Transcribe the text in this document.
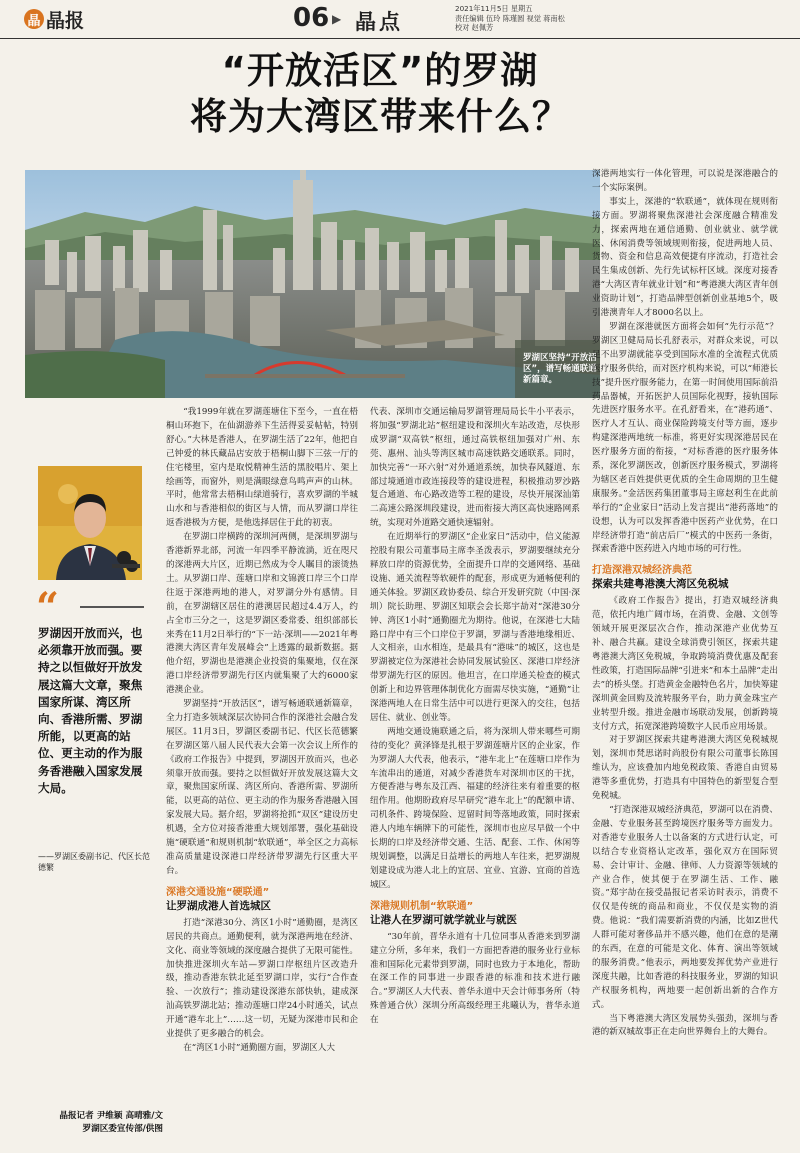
晶 晶报	06 ▶ 晶点
2021年11月5日 星期五
责任编辑 伍玲 陈瑾圆 视觉 蒋南松
校对 赵佩芳
“开放活区”的罗湖
将为大湾区带来什么？
罗湖区坚持“开放活区”，谱写畅通联通新篇章。
“
罗湖因开放而兴，也必须靠开放而强。要持之以恒做好开放发展这篇大文章，聚焦国家所谋、湾区所向、香港所需、罗湖所能，以更高的站位、更主动的作为服务香港融入国家发展大局。
——罗湖区委副书记、代区长范德繁
晶报记者 尹维颖 高晴雅/文
罗湖区委宣传部/供图

“我1999年就在罗湖莲塘住下至今，一直在梧桐山环抱下，在仙湖游养下生活得妥妥帖帖，特别舒心。”大林是香港人，在罗湖生活了22年，他把自己钟爱的林氏藏品店安放于梧桐山脚下三弦一厅的住宅楼里，室内是取悦精神生活的黑胶唱片、架上绘画等，而窗外，则是满眼绿意鸟鸣声声的山林。平时，他常常去梧桐山绿道骑行，喜欢罗湖的半城山水和与香港相似的街区与人情，而从罗湖口岸往返香港极为方便，是他选择居住于此的初衷。

在罗湖口岸横跨的深圳河两侧，是深圳罗湖与香港新界北部，河流一年四季平静流淌，近在咫尺的深港两大片区，近期已然成为令人瞩目的滚烫热土。从罗湖口岸、莲塘口岸和文锦渡口岸三个口岸往返于深港两地的港人，对罗湖分外有感情。目前，在罗湖辖区居住的港澳居民超过4.4万人，约占全市三分之一，这是罗湖区委常委、组织部部长来秀在11月2日举行的“下一站·深圳——2021年粤港澳大湾区青年发展峰会”上透露的最新数据。据他介绍，罗湖也是港澳企业投资的集聚地，仅在深港口岸经济带罗湖先行区内就集聚了大约6000家港澳企业。

罗湖坚持“开放活区”，谱写畅通联通新篇章，全力打造多领域深层次协同合作的深港社会融合发展区。11月3日，罗湖区委副书记、代区长范德繁在罗湖区第八届人民代表大会第一次会议上所作的《政府工作报告》中提到，罗湖因开放而兴，也必须靠开放而强。要持之以恒做好开放发展这篇大文章，聚焦国家所谋、湾区所向、香港所需、罗湖所能，以更高的站位、更主动的作为服务香港融入国家发展大局。据介绍，罗湖将抢抓“双区”建设历史机遇，全方位对接香港重大规划部署，强化基础设施“硬联通”和规则机制“软联通”，举全区之力高标准高质量建设深港口岸经济带罗湖先行区重大平台。

深港交通设施“硬联通”
让罗湖成港人首选城区

打造“深港30分、湾区1小时”通勤圈，是湾区居民的共商点。通勤便利，就为深港两地在经济、文化、商业等领域的深度融合提供了无限可能性。加快推进深圳火车站—罗湖口岸枢纽片区改造升级，推动香港东铁北延至罗湖口岸，实行“合作查验、一次放行”；推动建设深港东部快轨，建成深汕高铁罗湖北站；推动莲塘口岸24小时通关，试点开通“港车北上”……这一切，无疑为深港市民和企业提供了更多融合的机会。

在“湾区1小时”通勤圈方面，罗湖区人大

代表、深圳市交通运输局罗湖管理局局长牛小平表示，将加强“罗湖北站”枢纽建设和深圳火车站改造，尽快形成罗湖“双高铁”枢纽，通过高铁枢纽加强对广州、东莞、惠州、汕头等湾区城市高速铁路交通联系。同时，加快完善“一环六射”对外通道系统，加快春风隧道、东部过境通道市政连接段等的建设进程，积极推动罗沙路复合通道、布心路改造等工程的建设，尽快开展深汕第二高速公路深圳段建设，进而衔接大湾区高快速路网系统，实现对外道路交通快速辐射。

在近期举行的罗湖区“企业家日”活动中，信义能源控股有限公司董事局主席李圣泼表示，罗湖要继续充分释放口岸的资源优势，全面提升口岸的交通网络、基础设施、通关流程等软硬件的配套，形成更为通畅便利的通关体验。罗湖区政协委员、综合开发研究院（中国·深圳）院长助理、罗湖区知联会会长郑宇劼对“深港30分钟、湾区1小时”通勤圈尤为期待。他说，在深港七大陆路口岸中有三个口岸位于罗湖，罗湖与香港地缘相近、人文相亲，山水相连，是最具有“港味”的城区，这也是罗湖被定位为深港社会协同发展试验区、深港口岸经济带罗湖先行区的原因。他坦言，在口岸通关检查的模式创新上和边界管理体制优化方面需尽快实施，“通勤”让深港两地人在日常生活中可以进行更深入的交往，包括居住、就业、创业等。

两地交通设施联通之后，将为深圳人带来哪些可期待的变化？黄泽锋是扎根于罗湖莲塘片区的企业家，作为罗湖人大代表，他表示，“港车北上”在莲塘口岸作为车流串出的通道，对减少香港货车对深圳市区的干扰，方便香港与粤东及江西、福建的经济往来有着重要的枢纽作用。他期盼政府尽早研究“港车北上”的配额申请、司机条件、跨境保险、逗留时间等落地政策，同时探索港人内地车辆牌下的可能性，深圳市也应尽早做一个中长期的口岸及经济带交通、生活、配套、工作、休闲等规划调整，以满足日益增长的两地人车往来，把罗湖规划建设成为港人北上的宜居、宜业、宜游、宜商的首选城区。

深港规则机制“软联通”
让港人在罗湖可就学就业与就医

“30年前，晋华永道有十几位同事从香港来到罗湖建立分所，多年来，我们一方面把香港的服务业行业标准和国际化元素带到罗湖，同时也致力于本地化，帮助在深工作的同事进一步跟香港的标准和技术进行融合。”罗湖区人大代表、普华永道中天会计师事务所（特殊普通合伙）深圳分所高级经理王兆曦认为，普华永道在

深港两地实行一体化管理，可以说是深港融合的一个实际案例。

事实上，深港的“软联通”，就体现在规则衔接方面。罗湖将聚焦深港社会深度融合精准发力，探索两地在通信通勤、创业就业、就学就医、休闲消费等领域规则衔接，促进两地人员、货物、资金和信息高效便捷有序流动，打造社会民生集成创新、先行先试标杆区域。深度对接香港“大湾区青年就业计划”和“粤港澳大湾区青年创业资助计划”，打造品牌型创新创业基地5个，吸引港澳青年人才8000名以上。

罗湖在深港就医方面将会如何“先行示范”？罗湖区卫健局局长孔舒表示，对群众来说，可以足不出罗湖就能享受到国际水准的全流程式优质医疗服务供给，而对医疗机构来说，可以“师港长技”提升医疗服务能力，在第一时间使用国际前沿药品器械，开拓医护人员国际化视野，接轨国际先进医疗服务水平。在孔舒看来，在“港药通”、医疗人才互认、商业保险跨境支付等方面，逐步构建深港两地统一标准，将更好实现深港居民在医疗服务方面的衔接，“对标香港的医疗服务体系，深化罗湖医改，创新医疗服务模式，罗湖将为辖区老百姓提供更优质的全生命周期的卫生健康服务。”金活医药集团董事局主席赵利生在此前举行的“企业家日”活动上发言提出“港药落地”的设想，认为可以发挥香港中医药产业优势，在口岸经济带打造“前店后厂”模式的中医药一条街，探索香港中医药进入内地市场的可行性。

打造深港双城经济典范
探索共建粤港澳大湾区免税城

《政府工作报告》提出，打造双城经济典范，依托内地广阔市场，在消费、金融、文创等领域开展更深层次合作，推动深港产业优势互补、融合共赢。建设全球消费引领区，探索共建粤港澳大湾区免税城，争取跨境消费优惠及配套性政策，打造国际品牌“引进来”和本土品牌“走出去”的桥头堡。打造黄金金融特色名片，加快筹建深圳黄金回购及流转服务平台，助力黄金珠宝产业转型升级。推进金融市场联动发展，创新跨境支付方式，拓宽深港跨境数字人民币应用场景。

对于罗湖区探索共建粤港澳大湾区免税城规划，深圳市梵思诺时尚股份有限公司董事长陈国维认为，应该叠加内地免税政策、香港自由贸易港等多重优势，打造具有中国特色的新型复合型免税城。

“打造深港双城经济典范，罗湖可以在消费、金融、专业服务甚至跨境医疗服务等方面发力。对香港专业服务人士以备案的方式进行认定，可以结合专业资格认定改革，强化双方在国际贸易、会计审计、金融、律师、人力资源等领域的产业合作，使其便于在罗湖生活、工作、融资。”郑宇劼在接受晶报记者采访时表示，消费不仅仅是传统的商品和商业，不仅仅是实物的消费。他说：“我们需要新消费的内涵，比如Z世代人群可能对奢侈品并不感兴趣，他们在意的是潮的东西，在意的可能是文化、体育、演出等领域的服务消费。”他表示，两地要发挥优势产业进行深度共融，比如香港的科技服务业，罗湖的知识产权服务机构，两地要一起创新出新的合作方式。

当下粤港澳大湾区发展势头强劲，深圳与香港的新双城故事正在走向世界舞台上的大舞台。
